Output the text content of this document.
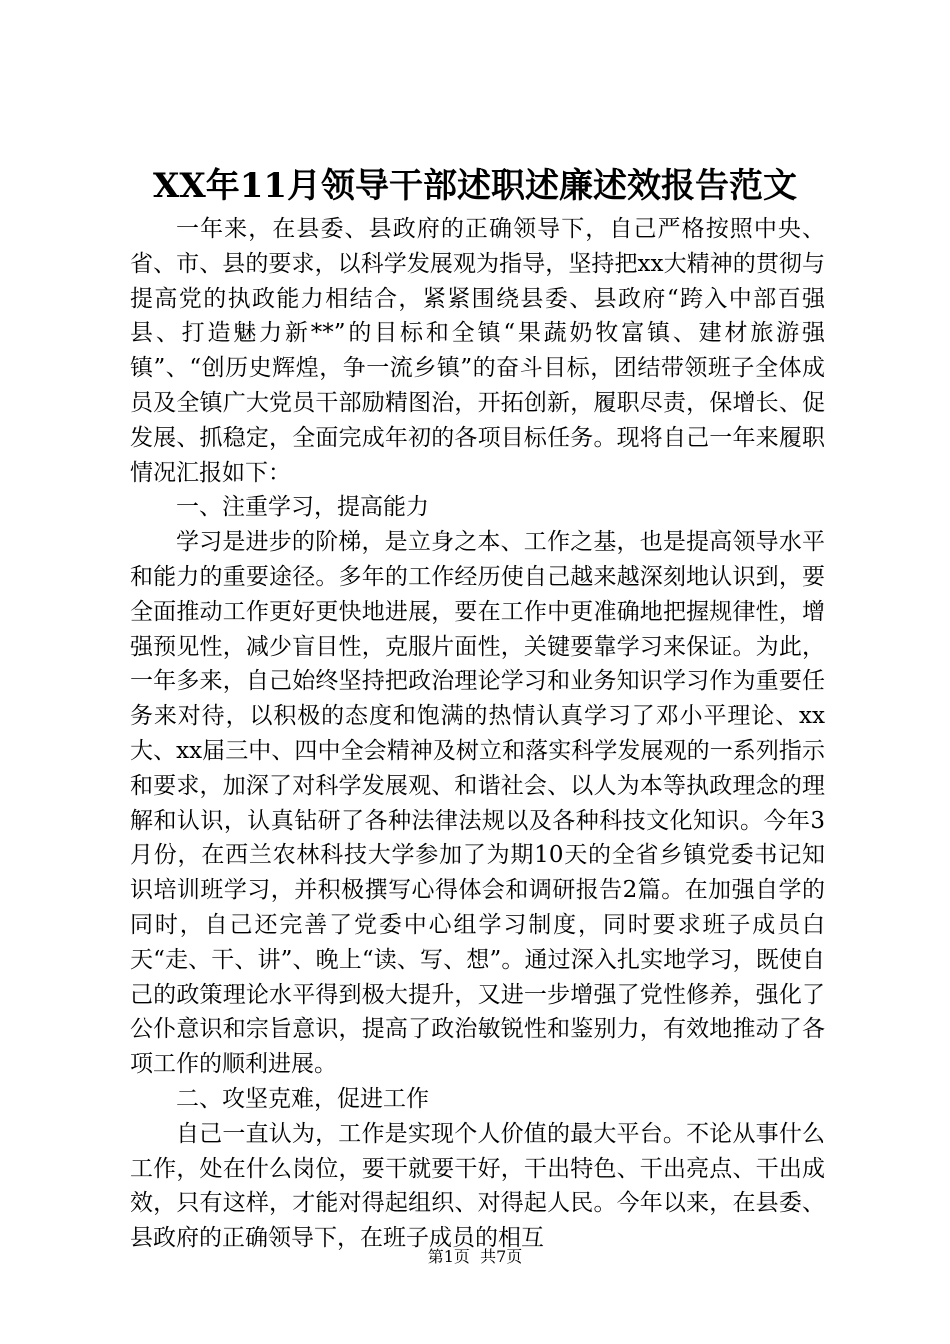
XX年11月领导干部述职述廉述效报告范文

一年来，在县委、县政府的正确领导下，自己严格按照中央、省、市、县的要求，以科学发展观为指导，坚持把xx大精神的贯彻与提高党的执政能力相结合，紧紧围绕县委、县政府“跨入中部百强县、打造魅力新**”的目标和全镇“果蔬奶牧富镇、建材旅游强镇”、“创历史辉煌，争一流乡镇”的奋斗目标，团结带领班子全体成员及全镇广大党员干部励精图治，开拓创新，履职尽责，保增长、促发展、抓稳定，全面完成年初的各项目标任务。现将自己一年来履职情况汇报如下：

一、注重学习，提高能力

学习是进步的阶梯，是立身之本、工作之基，也是提高领导水平和能力的重要途径。多年的工作经历使自己越来越深刻地认识到，要全面推动工作更好更快地进展，要在工作中更准确地把握规律性，增强预见性，减少盲目性，克服片面性，关键要靠学习来保证。为此，一年多来，自己始终坚持把政治理论学习和业务知识学习作为重要任务来对待，以积极的态度和饱满的热情认真学习了邓小平理论、xx大、xx届三中、四中全会精神及树立和落实科学发展观的一系列指示和要求，加深了对科学发展观、和谐社会、以人为本等执政理念的理解和认识，认真钻研了各种法律法规以及各种科技文化知识。今年3月份，在西兰农林科技大学参加了为期10天的全省乡镇党委书记知识培训班学习，并积极撰写心得体会和调研报告2篇。在加强自学的同时，自己还完善了党委中心组学习制度，同时要求班子成员白天“走、干、讲”、晚上“读、写、想”。通过深入扎实地学习，既使自己的政策理论水平得到极大提升，又进一步增强了党性修养，强化了公仆意识和宗旨意识，提高了政治敏锐性和鉴别力，有效地推动了各项工作的顺利进展。

二、攻坚克难，促进工作

自己一直认为，工作是实现个人价值的最大平台。不论从事什么工作，处在什么岗位，要干就要干好，干出特色、干出亮点、干出成效，只有这样，才能对得起组织、对得起人民。今年以来，在县委、县政府的正确领导下，在班子成员的相互

第1页  共7页
